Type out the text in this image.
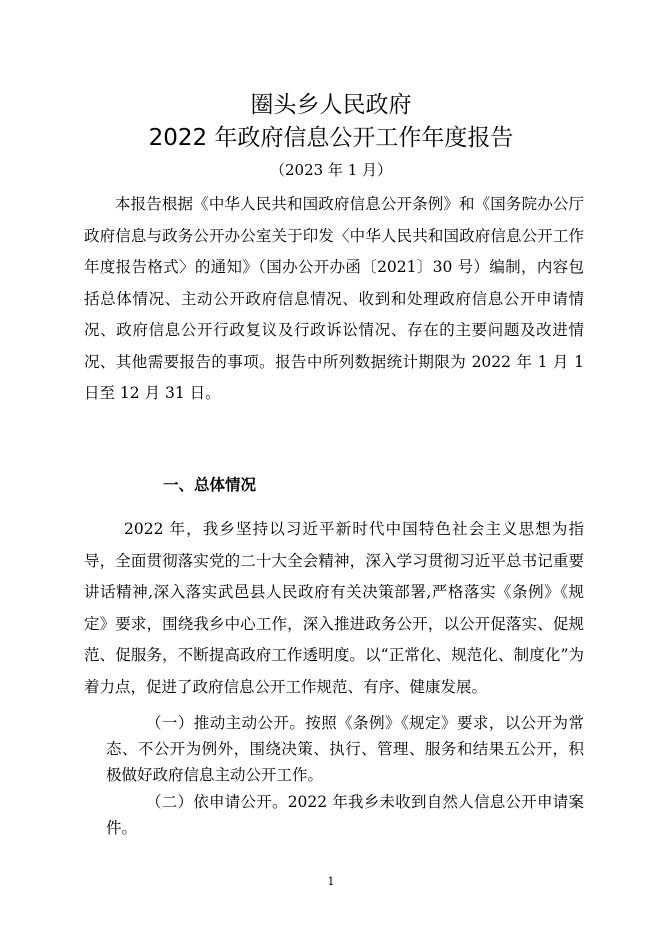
圈头乡人民政府
2022 年政府信息公开工作年度报告
（2023 年 1 月）

本报告根据《中华人民共和国政府信息公开条例》和《国务院办公厅政府信息与政务公开办公室关于印发〈中华人民共和国政府信息公开工作年度报告格式〉的通知》（国办公开办函〔2021〕30 号）编制，内容包括总体情况、主动公开政府信息情况、收到和处理政府信息公开申请情况、政府信息公开行政复议及行政诉讼情况、存在的主要问题及改进情况、其他需要报告的事项。报告中所列数据统计期限为 2022 年 1 月 1 日至 12 月 31 日。

一、总体情况

2022 年，我乡坚持以习近平新时代中国特色社会主义思想为指导，全面贯彻落实党的二十大全会精神，深入学习贯彻习近平总书记重要讲话精神,深入落实武邑县人民政府有关决策部署,严格落实《条例》《规定》要求，围绕我乡中心工作，深入推进政务公开，以公开促落实、促规范、促服务，不断提高政府工作透明度。以“正常化、规范化、制度化”为着力点，促进了政府信息公开工作规范、有序、健康发展。

（一）推动主动公开。按照《条例》《规定》要求，以公开为常态、不公开为例外，围绕决策、执行、管理、服务和结果五公开，积极做好政府信息主动公开工作。

（二）依申请公开。2022 年我乡未收到自然人信息公开申请案件。

1
